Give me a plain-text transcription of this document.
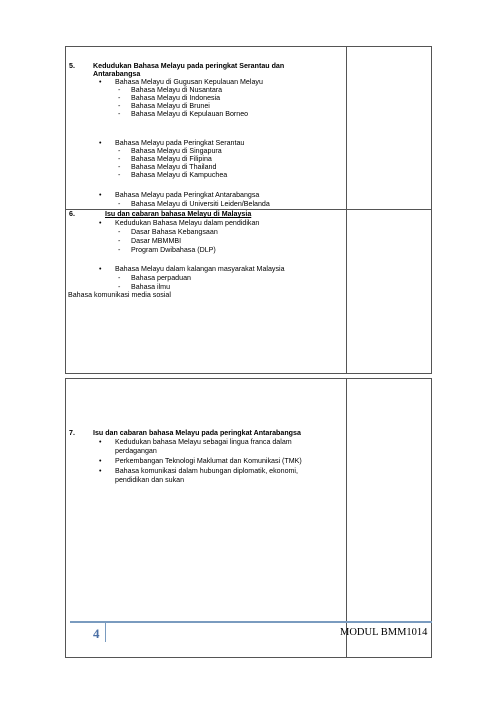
5.	Kedudukan Bahasa Melayu pada peringkat Serantau dan
Antarabangsa
• Bahasa Melayu di Gugusan Kepulauan Melayu
- Bahasa Melayu di Nusantara
- Bahasa Melayu di Indonesia
- Bahasa Melayu di Brunei
- Bahasa Melayu di Kepulauan Borneo
• Bahasa Melayu pada Peringkat Serantau
- Bahasa Melayu di Singapura
- Bahasa Melayu di Filipina
- Bahasa Melayu di Thailand
- Bahasa Melayu di Kampuchea
• Bahasa Melayu pada Peringkat Antarabangsa
- Bahasa Melayu di Universiti Leiden/Belanda
6.	Isu dan cabaran bahasa Melayu di Malaysia
• Kedudukan Bahasa Melayu dalam pendidikan
- Dasar Bahasa Kebangsaan
- Dasar MBMMBI
- Program Dwibahasa (DLP)
• Bahasa Melayu dalam kalangan masyarakat Malaysia
- Bahasa perpaduan
- Bahasa ilmu
Bahasa komunikasi media sosial
7.	Isu dan cabaran bahasa Melayu pada peringkat Antarabangsa
• Kedudukan bahasa Melayu sebagai lingua franca dalam
perdagangan
• Perkembangan Teknologi Maklumat dan Komunikasi (TMK)
• Bahasa komunikasi dalam hubungan diplomatik, ekonomi,
pendidikan dan sukan
4	MODUL BMM1014
